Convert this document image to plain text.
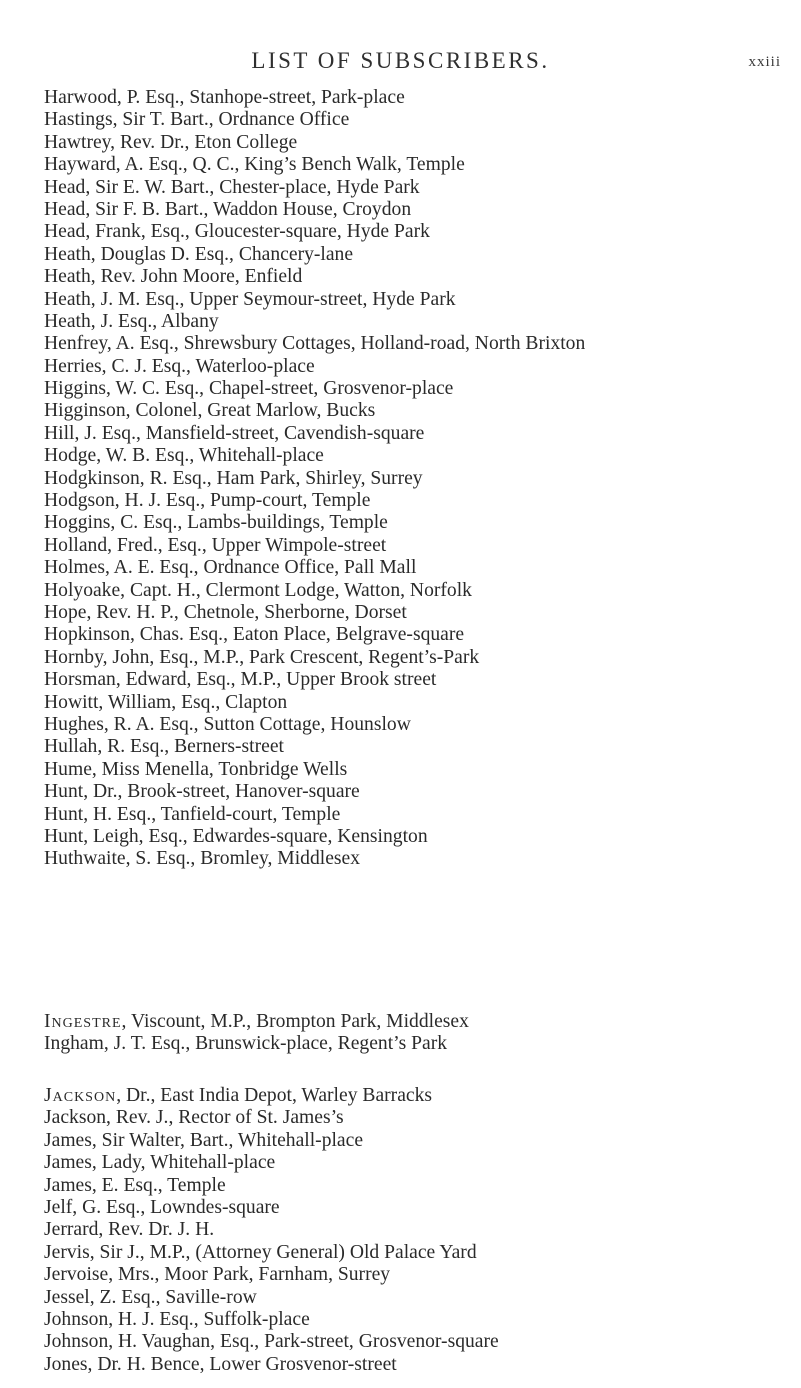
LIST OF SUBSCRIBERS.	xxiii
Harwood, P. Esq., Stanhope-street, Park-place
Hastings, Sir T. Bart., Ordnance Office
Hawtrey, Rev. Dr., Eton College
Hayward, A. Esq., Q. C., King’s Bench Walk, Temple
Head, Sir E. W. Bart., Chester-place, Hyde Park
Head, Sir F. B. Bart., Waddon House, Croydon
Head, Frank, Esq., Gloucester-square, Hyde Park
Heath, Douglas D. Esq., Chancery-lane
Heath, Rev. John Moore, Enfield
Heath, J. M. Esq., Upper Seymour-street, Hyde Park
Heath, J. Esq., Albany
Henfrey, A. Esq., Shrewsbury Cottages, Holland-road, North Brixton
Herries, C. J. Esq., Waterloo-place
Higgins, W. C. Esq., Chapel-street, Grosvenor-place
Higginson, Colonel, Great Marlow, Bucks
Hill, J. Esq., Mansfield-street, Cavendish-square
Hodge, W. B. Esq., Whitehall-place
Hodgkinson, R. Esq., Ham Park, Shirley, Surrey
Hodgson, H. J. Esq., Pump-court, Temple
Hoggins, C. Esq., Lambs-buildings, Temple
Holland, Fred., Esq., Upper Wimpole-street
Holmes, A. E. Esq., Ordnance Office, Pall Mall
Holyoake, Capt. H., Clermont Lodge, Watton, Norfolk
Hope, Rev. H. P., Chetnole, Sherborne, Dorset
Hopkinson, Chas. Esq., Eaton Place, Belgrave-square
Hornby, John, Esq., M.P., Park Crescent, Regent’s-Park
Horsman, Edward, Esq., M.P., Upper Brook street
Howitt, William, Esq., Clapton
Hughes, R. A. Esq., Sutton Cottage, Hounslow
Hullah, R. Esq., Berners-street
Hume, Miss Menella, Tonbridge Wells
Hunt, Dr., Brook-street, Hanover-square
Hunt, H. Esq., Tanfield-court, Temple
Hunt, Leigh, Esq., Edwardes-square, Kensington
Huthwaite, S. Esq., Bromley, Middlesex
Ingestre, Viscount, M.P., Brompton Park, Middlesex
Ingham, J. T. Esq., Brunswick-place, Regent’s Park
Jackson, Dr., East India Depot, Warley Barracks
Jackson, Rev. J., Rector of St. James’s
James, Sir Walter, Bart., Whitehall-place
James, Lady, Whitehall-place
James, E. Esq., Temple
Jelf, G. Esq., Lowndes-square
Jerrard, Rev. Dr. J. H.
Jervis, Sir J., M.P., (Attorney General) Old Palace Yard
Jervoise, Mrs., Moor Park, Farnham, Surrey
Jessel, Z. Esq., Saville-row
Johnson, H. J. Esq., Suffolk-place
Johnson, H. Vaughan, Esq., Park-street, Grosvenor-square
Jones, Dr. H. Bence, Lower Grosvenor-street
